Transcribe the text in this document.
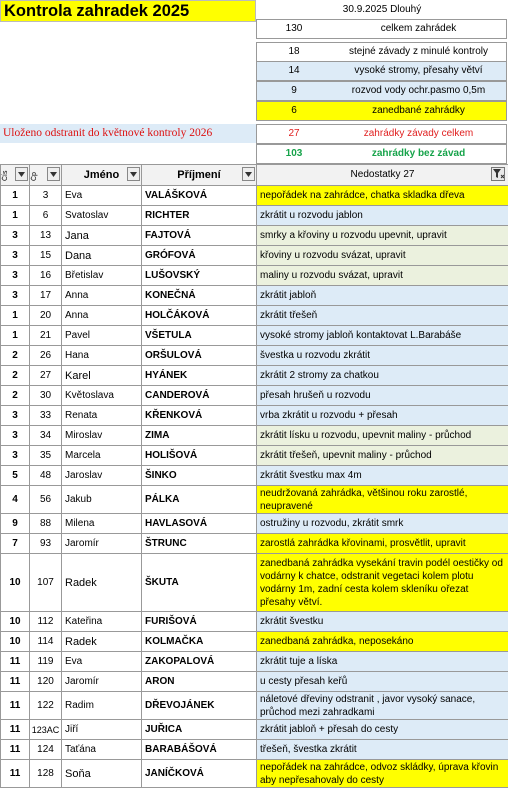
Kontrola zahradek 2025	30.9.2025 Dlouhý
130	celkem zahrádek
18	stejné závady z minulé kontroly
14	vysoké stromy, přesahy větví
9	rozvod vody ochr.pasmo 0,5m
6	zanedbané zahrádky
27	zahrádky závady celkem
103	zahrádky bez závad
Uloženo odstranit do květnové kontroly 2026
Čís	Čp	Jméno	Příjmení	Nedostatky 27

1	3	Eva	VALÁŠKOVÁ	nepořádek na zahrádce, chatka skladka dřeva
1	6	Svatoslav	RICHTER	zkrátit u rozvodu jablon
3	13	Jana	FAJTOVÁ	smrky a křoviny u rozvodu upevnit, upravit
3	15	Dana	GRÓFOVÁ	křoviny u rozvodu svázat, upravit
3	16	Břetislav	LUŠOVSKÝ	maliny u rozvodu svázat, upravit
3	17	Anna	KONEČNÁ	zkrátit jabloň
1	20	Anna	HOLČÁKOVÁ	zkrátit třešeň
1	21	Pavel	VŠETULA	vysoké stromy jabloň kontaktovat L.Barabáše
2	26	Hana	ORŠULOVÁ	švestka u rozvodu zkrátit
2	27	Karel	HYÁNEK	zkrátit 2 stromy za chatkou
2	30	Květoslava	CANDEROVÁ	přesah hrušeň u rozvodu
3	33	Renata	KŘENKOVÁ	vrba zkrátit u rozvodu + přesah
3	34	Miroslav	ZIMA	zkrátit lísku u rozvodu, upevnit maliny - průchod
3	35	Marcela	HOLIŠOVÁ	zkrátit třešeň, upevnit maliny - průchod
5	48	Jaroslav	ŠINKO	zkrátit švestku max 4m
4	56	Jakub	PÁLKA	neudržovaná zahrádka, většinou roku zarostlé, neupravené
9	88	Milena	HAVLASOVÁ	ostružiny u rozvodu, zkrátit smrk
7	93	Jaromír	ŠTRUNC	zarostlá zahrádka křovinami, prosvětlit, upravit
10	107	Radek	ŠKUTA	zanedbaná zahrádka vysekání travin podél oestičky od vodárny k chatce, odstranit vegetaci kolem plotu vodárny 1m, zadní cesta kolem skleníku ořezat přesahy větví.
10	112	Kateřina	FURIŠOVÁ	zkrátit švestku
10	114	Radek	KOLMAČKA	zanedbaná zahrádka, neposekáno
11	119	Eva	ZAKOPALOVÁ	zkrátit tuje a líska
11	120	Jaromír	ARON	u cesty přesah keřů
11	122	Radim	DŘEVOJÁNEK	náletové dřeviny odstranit , javor vysoký sanace, průchod mezi zahradkami
11	123AC	Jiří	JUŘICA	zkrátit jabloň + přesah do cesty
11	124	Taťána	BARABÁŠOVÁ	třešeň, švestka zkrátit
11	128	Soňa	JANÍČKOVÁ	nepořádek na zahrádce, odvoz skládky, úprava křovin aby nepřesahovaly do cesty
